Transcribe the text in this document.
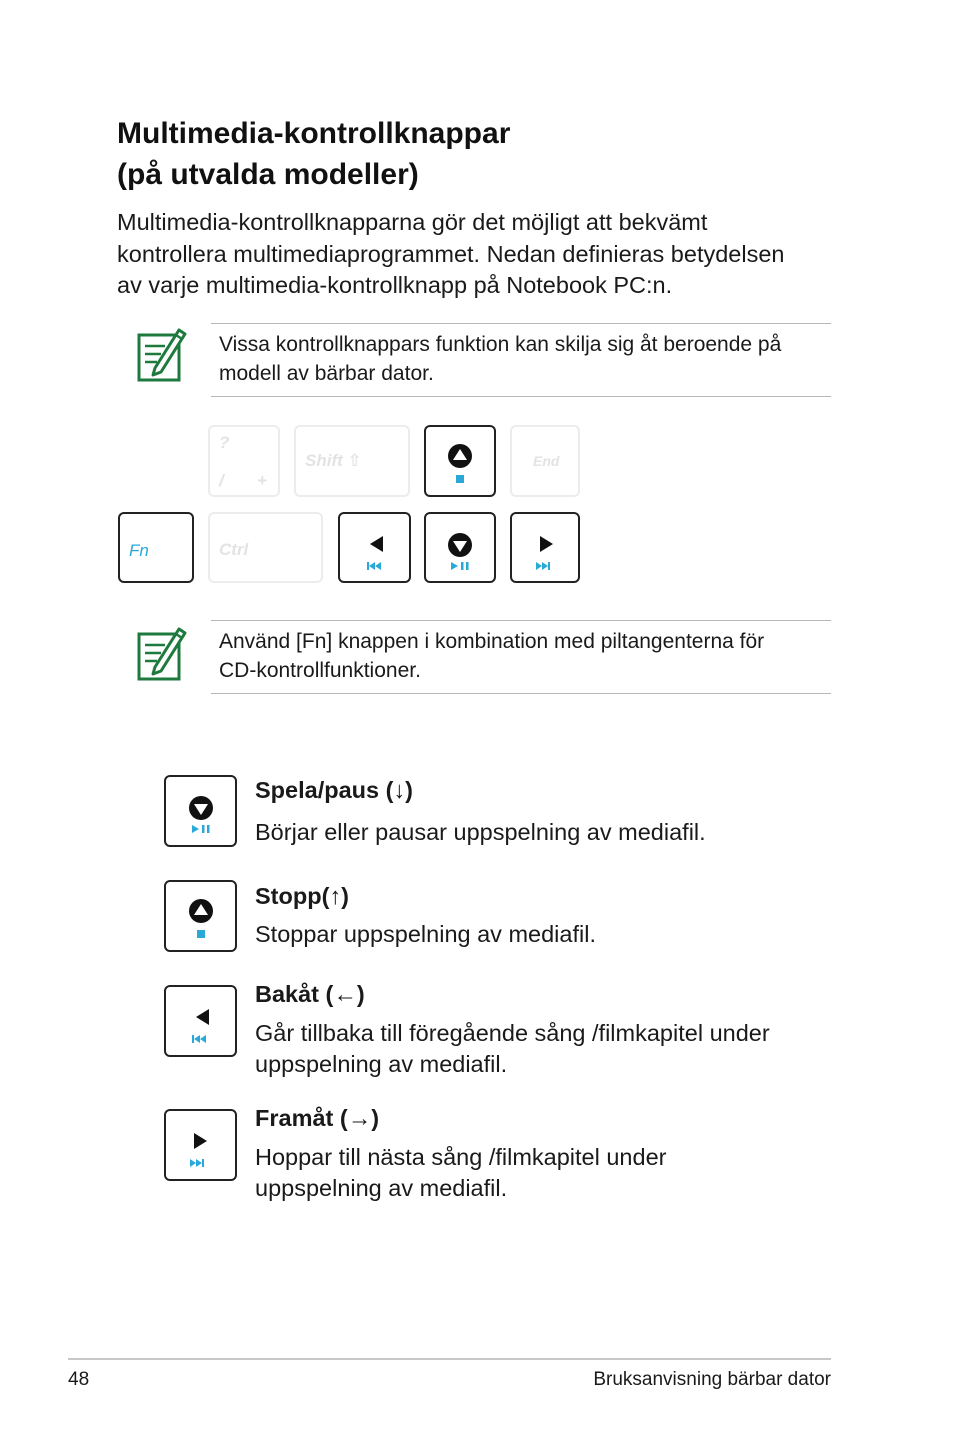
Multimedia-kontrollknappar
(på utvalda modeller)
Multimedia-kontrollknapparna gör det möjligt att bekvämt
kontrollera multimediaprogrammet. Nedan definieras betydelsen
av varje multimedia-kontrollknapp på Notebook PC:n.
Vissa kontrollknappars funktion kan skilja sig åt beroende på
modell av bärbar dator.
?
/ +
Shift ⇧	End
Fn	Ctrl
Använd [Fn] knappen i kombination med piltangenterna för
CD-kontrollfunktioner.
Spela/paus (↓)
Börjar eller pausar uppspelning av mediafil.
Stopp(↑)
Stoppar uppspelning av mediafil.
Bakåt (←)
Går tillbaka till föregående sång /filmkapitel under
uppspelning av mediafil.
Framåt (→)
Hoppar till nästa sång /filmkapitel under
uppspelning av mediafil.
48	Bruksanvisning bärbar dator
